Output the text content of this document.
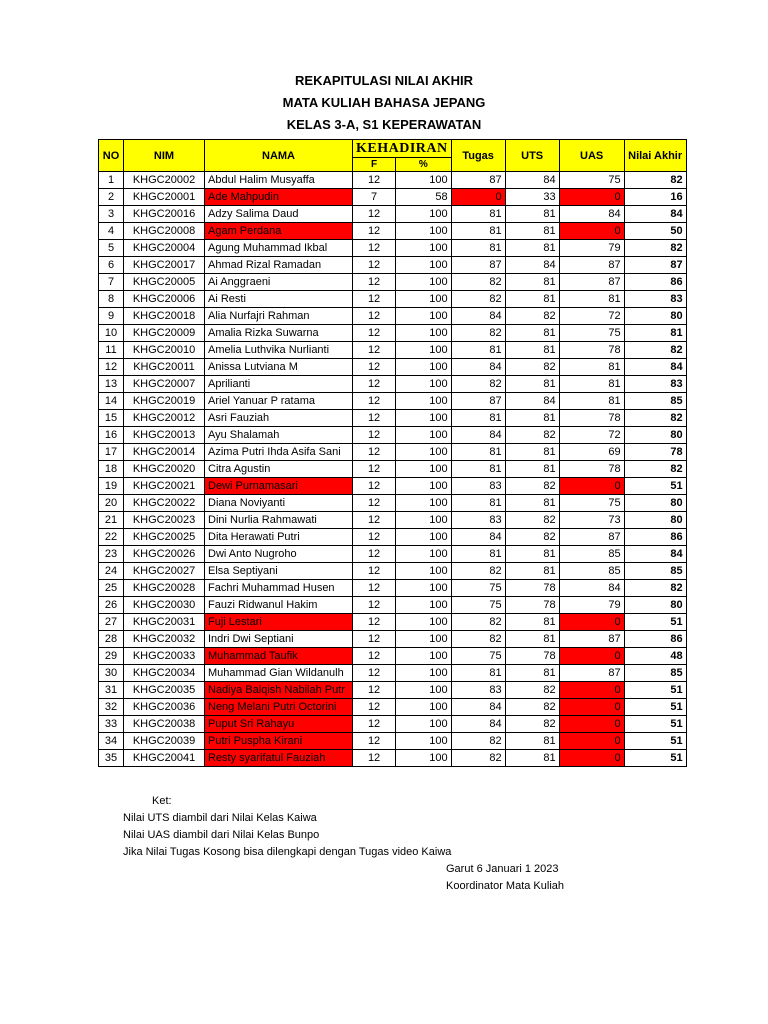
REKAPITULASI NILAI AKHIR
MATA KULIAH BAHASA JEPANG
KELAS 3-A, S1 KEPERAWATAN
NO	NIM	NAMA	KEHADIRAN		Tugas	UTS	UAS	Nilai Akhir
			F	%				
1	KHGC20002	Abdul Halim Musyaffa	12	100	87	84	75	82
2	KHGC20001	Ade Mahpudin	7	58	0	33	0	16
3	KHGC20016	Adzy Salima Daud	12	100	81	81	84	84
4	KHGC20008	Agam Perdana	12	100	81	81	0	50
5	KHGC20004	Agung Muhammad Ikbal	12	100	81	81	79	82
6	KHGC20017	Ahmad Rizal Ramadan	12	100	87	84	87	87
7	KHGC20005	Ai Anggraeni	12	100	82	81	87	86
8	KHGC20006	Ai Resti	12	100	82	81	81	83
9	KHGC20018	Alia Nurfajri Rahman	12	100	84	82	72	80
10	KHGC20009	Amalia Rizka Suwarna	12	100	82	81	75	81
11	KHGC20010	Amelia Luthvika Nurlianti	12	100	81	81	78	82
12	KHGC20011	Anissa Lutviana M	12	100	84	82	81	84
13	KHGC20007	Aprilianti	12	100	82	81	81	83
14	KHGC20019	Ariel Yanuar P ratama	12	100	87	84	81	85
15	KHGC20012	Asri Fauziah	12	100	81	81	78	82
16	KHGC20013	Ayu Shalamah	12	100	84	82	72	80
17	KHGC20014	Azima Putri Ihda Asifa Sani	12	100	81	81	69	78
18	KHGC20020	Citra Agustin	12	100	81	81	78	82
19	KHGC20021	Dewi Purnamasari	12	100	83	82	0	51
20	KHGC20022	Diana Noviyanti	12	100	81	81	75	80
21	KHGC20023	Dini Nurlia Rahmawati	12	100	83	82	73	80
22	KHGC20025	Dita Herawati Putri	12	100	84	82	87	86
23	KHGC20026	Dwi Anto Nugroho	12	100	81	81	85	84
24	KHGC20027	Elsa Septiyani	12	100	82	81	85	85
25	KHGC20028	Fachri Muhammad Husen	12	100	75	78	84	82
26	KHGC20030	Fauzi Ridwanul Hakim	12	100	75	78	79	80
27	KHGC20031	Fuji Lestari	12	100	82	81	0	51
28	KHGC20032	Indri Dwi Septiani	12	100	82	81	87	86
29	KHGC20033	Muhammad Taufik	12	100	75	78	0	48
30	KHGC20034	Muhammad Gian Wildanulh	12	100	81	81	87	85
31	KHGC20035	Nadiya Balqish Nabilah Putr	12	100	83	82	0	51
32	KHGC20036	Neng Melani Putri Octorini	12	100	84	82	0	51
33	KHGC20038	Puput Sri Rahayu	12	100	84	82	0	51
34	KHGC20039	Putri Puspha Kirani	12	100	82	81	0	51
35	KHGC20041	Resty syarifatul Fauziah	12	100	82	81	0	51
Ket:
Nilai UTS diambil dari Nilai Kelas Kaiwa
Nilai UAS diambil dari Nilai Kelas Bunpo
Jika Nilai Tugas Kosong bisa dilengkapi dengan Tugas video Kaiwa
Garut 6 Januari 1 2023
Koordinator Mata Kuliah
